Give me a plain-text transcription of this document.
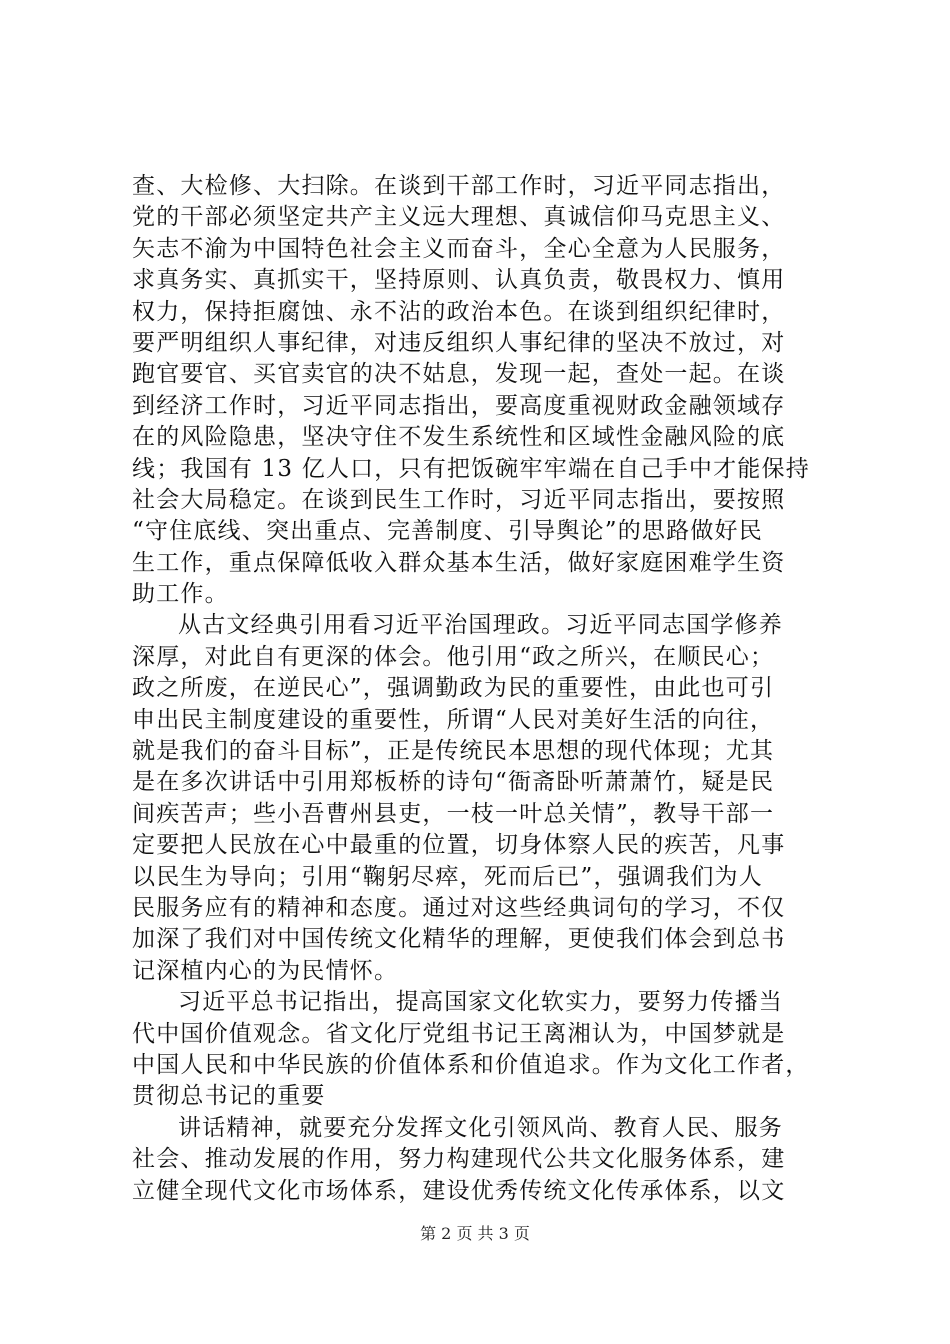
查、大检修、大扫除。在谈到干部工作时，习近平同志指出，
党的干部必须坚定共产主义远大理想、真诚信仰马克思主义、
矢志不渝为中国特色社会主义而奋斗，全心全意为人民服务，
求真务实、真抓实干，坚持原则、认真负责，敬畏权力、慎用
权力，保持拒腐蚀、永不沾的政治本色。在谈到组织纪律时，
要严明组织人事纪律，对违反组织人事纪律的坚决不放过，对
跑官要官、买官卖官的决不姑息，发现一起，查处一起。在谈
到经济工作时，习近平同志指出，要高度重视财政金融领域存
在的风险隐患，坚决守住不发生系统性和区域性金融风险的底
线；我国有 13 亿人口，只有把饭碗牢牢端在自己手中才能保持
社会大局稳定。在谈到民生工作时，习近平同志指出，要按照
“守住底线、突出重点、完善制度、引导舆论”的思路做好民
生工作，重点保障低收入群众基本生活，做好家庭困难学生资
助工作。
从古文经典引用看习近平治国理政。习近平同志国学修养
深厚，对此自有更深的体会。他引用“政之所兴，在顺民心；
政之所废，在逆民心”，强调勤政为民的重要性，由此也可引
申出民主制度建设的重要性，所谓“人民对美好生活的向往，
就是我们的奋斗目标”，正是传统民本思想的现代体现；尤其
是在多次讲话中引用郑板桥的诗句“衙斋卧听萧萧竹，疑是民
间疾苦声；些小吾曹州县吏，一枝一叶总关情”，教导干部一
定要把人民放在心中最重的位置，切身体察人民的疾苦，凡事
以民生为导向；引用“鞠躬尽瘁，死而后已”，强调我们为人
民服务应有的精神和态度。通过对这些经典词句的学习，不仅
加深了我们对中国传统文化精华的理解，更使我们体会到总书
记深植内心的为民情怀。
习近平总书记指出，提高国家文化软实力，要努力传播当
代中国价值观念。省文化厅党组书记王离湘认为，中国梦就是
中国人民和中华民族的价值体系和价值追求。作为文化工作者，
贯彻总书记的重要
讲话精神，就要充分发挥文化引领风尚、教育人民、服务
社会、推动发展的作用，努力构建现代公共文化服务体系，建
立健全现代文化市场体系，建设优秀传统文化传承体系，以文
第 2 页 共 3 页
